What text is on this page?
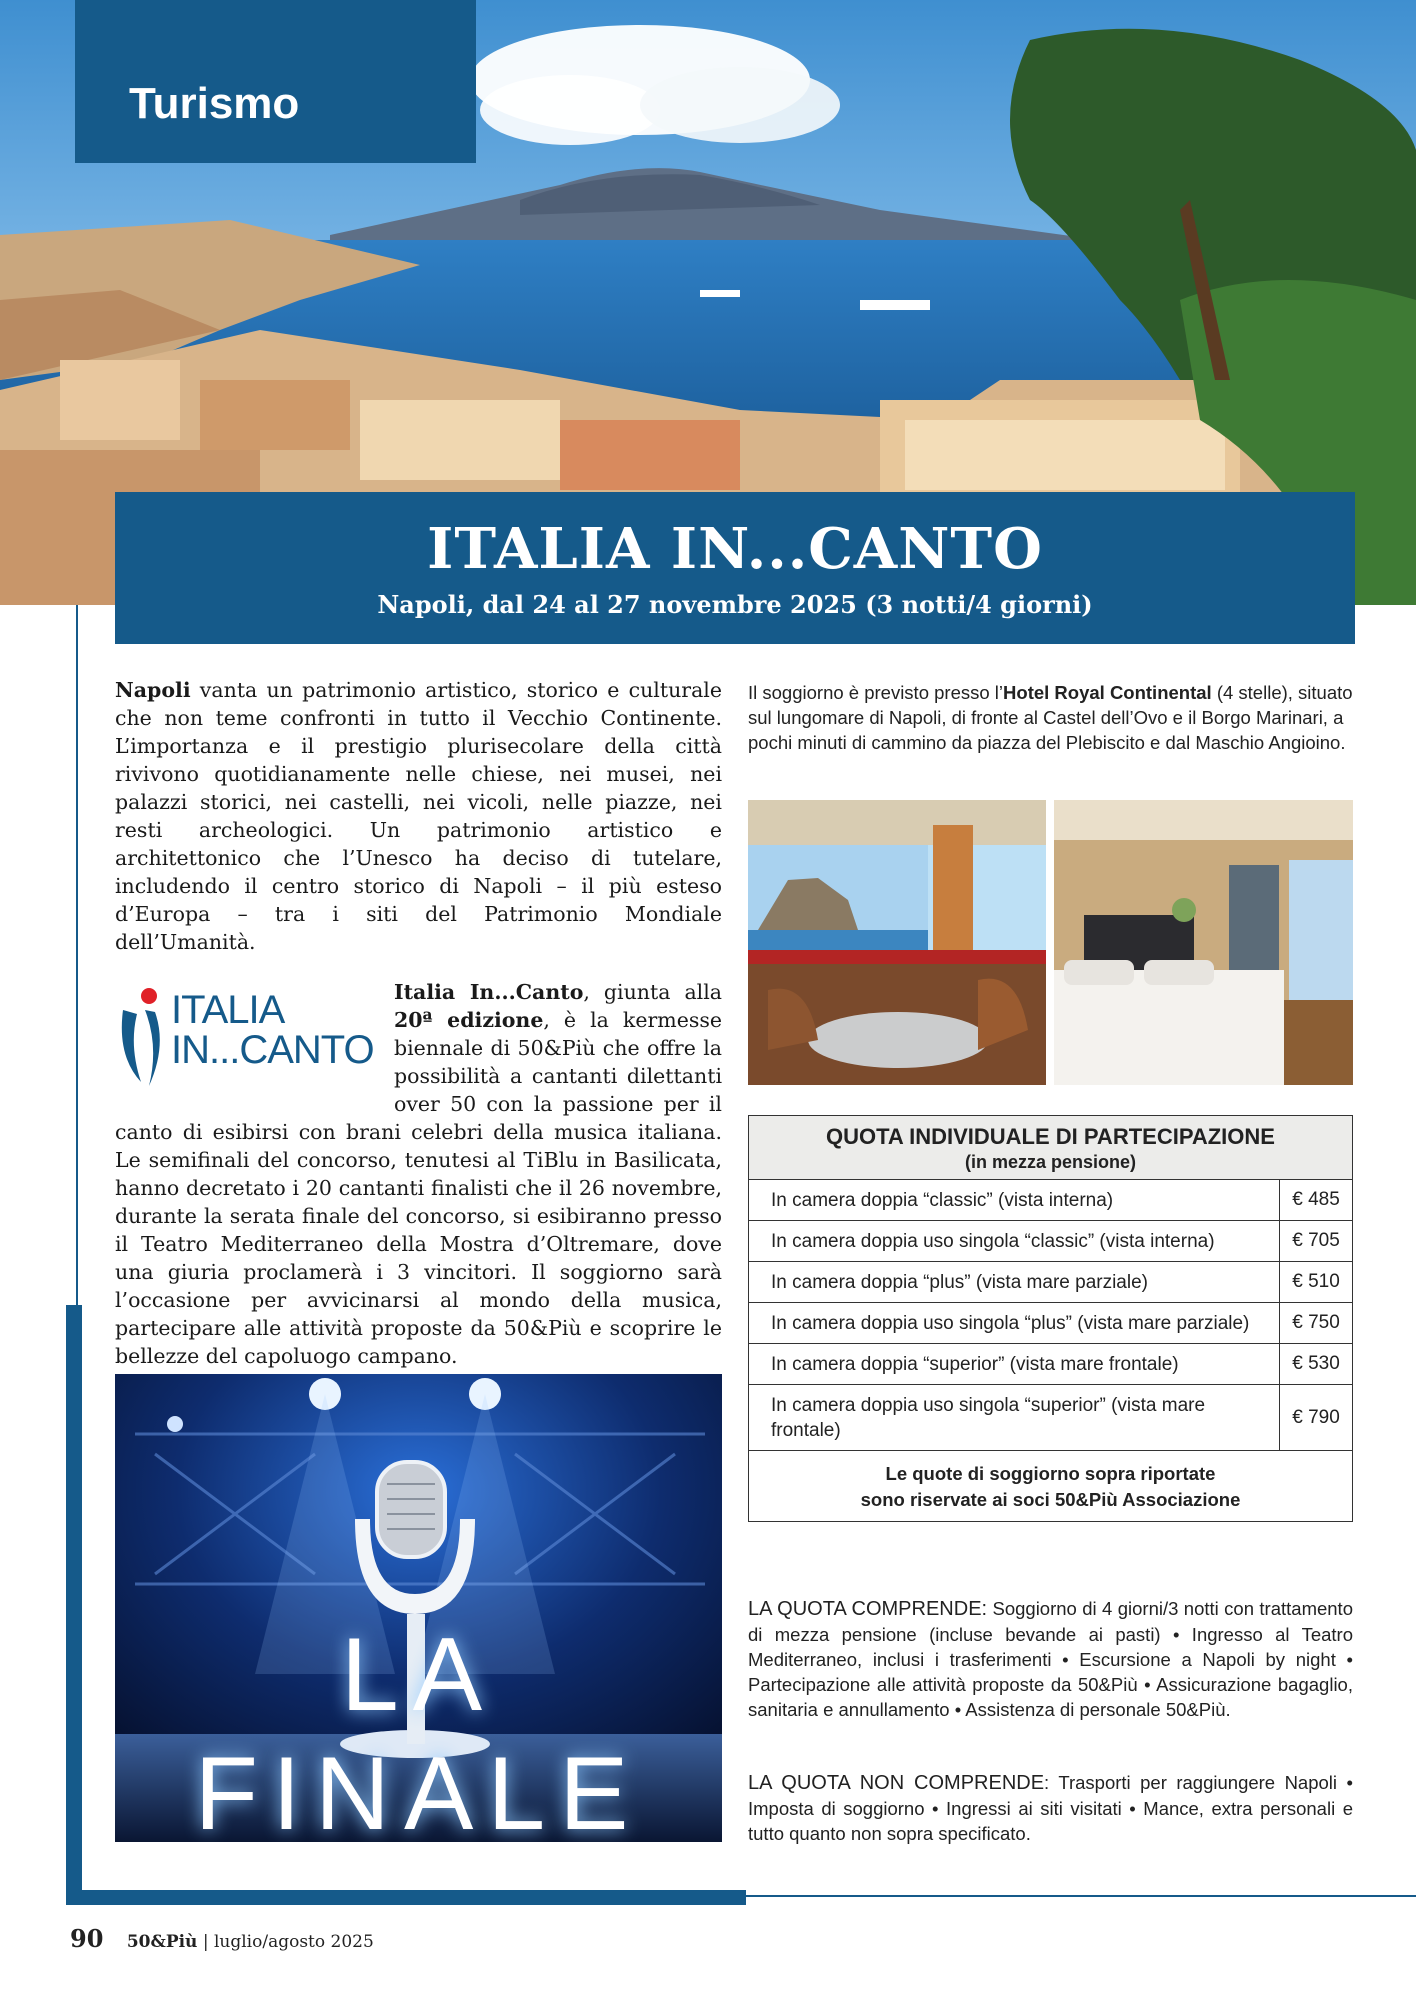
Turismo
ITALIA IN...CANTO
Napoli, dal 24 al 27 novembre 2025 (3 notti/4 giorni)

Napoli vanta un patrimonio artistico, storico e culturale che non teme confronti in tutto il Vecchio Continente. L’importanza e il prestigio plurisecolare della città rivivono quotidianamente nelle chiese, nei musei, nei palazzi storici, nei castelli, nei vicoli, nelle piazze, nei resti archeologici. Un patrimonio artistico e architettonico che l’Unesco ha deciso di tutelare, includendo il centro storico di Napoli – il più esteso d’Europa – tra i siti del Patrimonio Mondiale dell’Umanità.

ITALIA
IN...CANTO
Italia In...Canto, giunta alla 20ª edizione, è la kermesse biennale di 50&Più che offre la possibilità a cantanti dilettanti over 50 con la passione per il canto di esibirsi con brani celebri della musica italiana. Le semifinali del concorso, tenutesi al TiBlu in Basilicata, hanno decretato i 20 cantanti finalisti che il 26 novembre, durante la serata finale del concorso, si esibiranno presso il Teatro Mediterraneo della Mostra d’Oltremare, dove una giuria proclamerà i 3 vincitori. Il soggiorno sarà l’occasione per avvicinarsi al mondo della musica, partecipare alle attività proposte da 50&Più e scoprire le bellezze del capoluogo campano.

LA FINALE

Il soggiorno è previsto presso l’Hotel Royal Continental (4 stelle), situato sul lungomare di Napoli, di fronte al Castel dell’Ovo e il Borgo Marinari, a pochi minuti di cammino da piazza del Plebiscito e dal Maschio Angioino.

QUOTA INDIVIDUALE DI PARTECIPAZIONE
(in mezza pensione)
In camera doppia “classic” (vista interna)	€ 485
In camera doppia uso singola “classic” (vista interna)	€ 705
In camera doppia “plus” (vista mare parziale)	€ 510
In camera doppia uso singola “plus” (vista mare parziale)	€ 750
In camera doppia “superior” (vista mare frontale)	€ 530
In camera doppia uso singola “superior” (vista mare frontale)
€ 790
Le quote di soggiorno sopra riportate
sono riservate ai soci 50&Più Associazione
LA QUOTA COMPRENDE: Soggiorno di 4 giorni/3 notti con trattamento di mezza pensione (incluse bevande ai pasti) • Ingresso al Teatro Mediterraneo, inclusi i trasferimenti • Escursione a Napoli by night • Partecipazione alle attività proposte da 50&Più • Assicurazione bagaglio, sanitaria e annullamento • Assistenza di personale 50&Più.
LA QUOTA NON COMPRENDE: Trasporti per raggiungere Napoli • Imposta di soggiorno • Ingressi ai siti visitati • Mance, extra personali e tutto quanto non sopra specificato.
90 50&Più | luglio/agosto 2025
